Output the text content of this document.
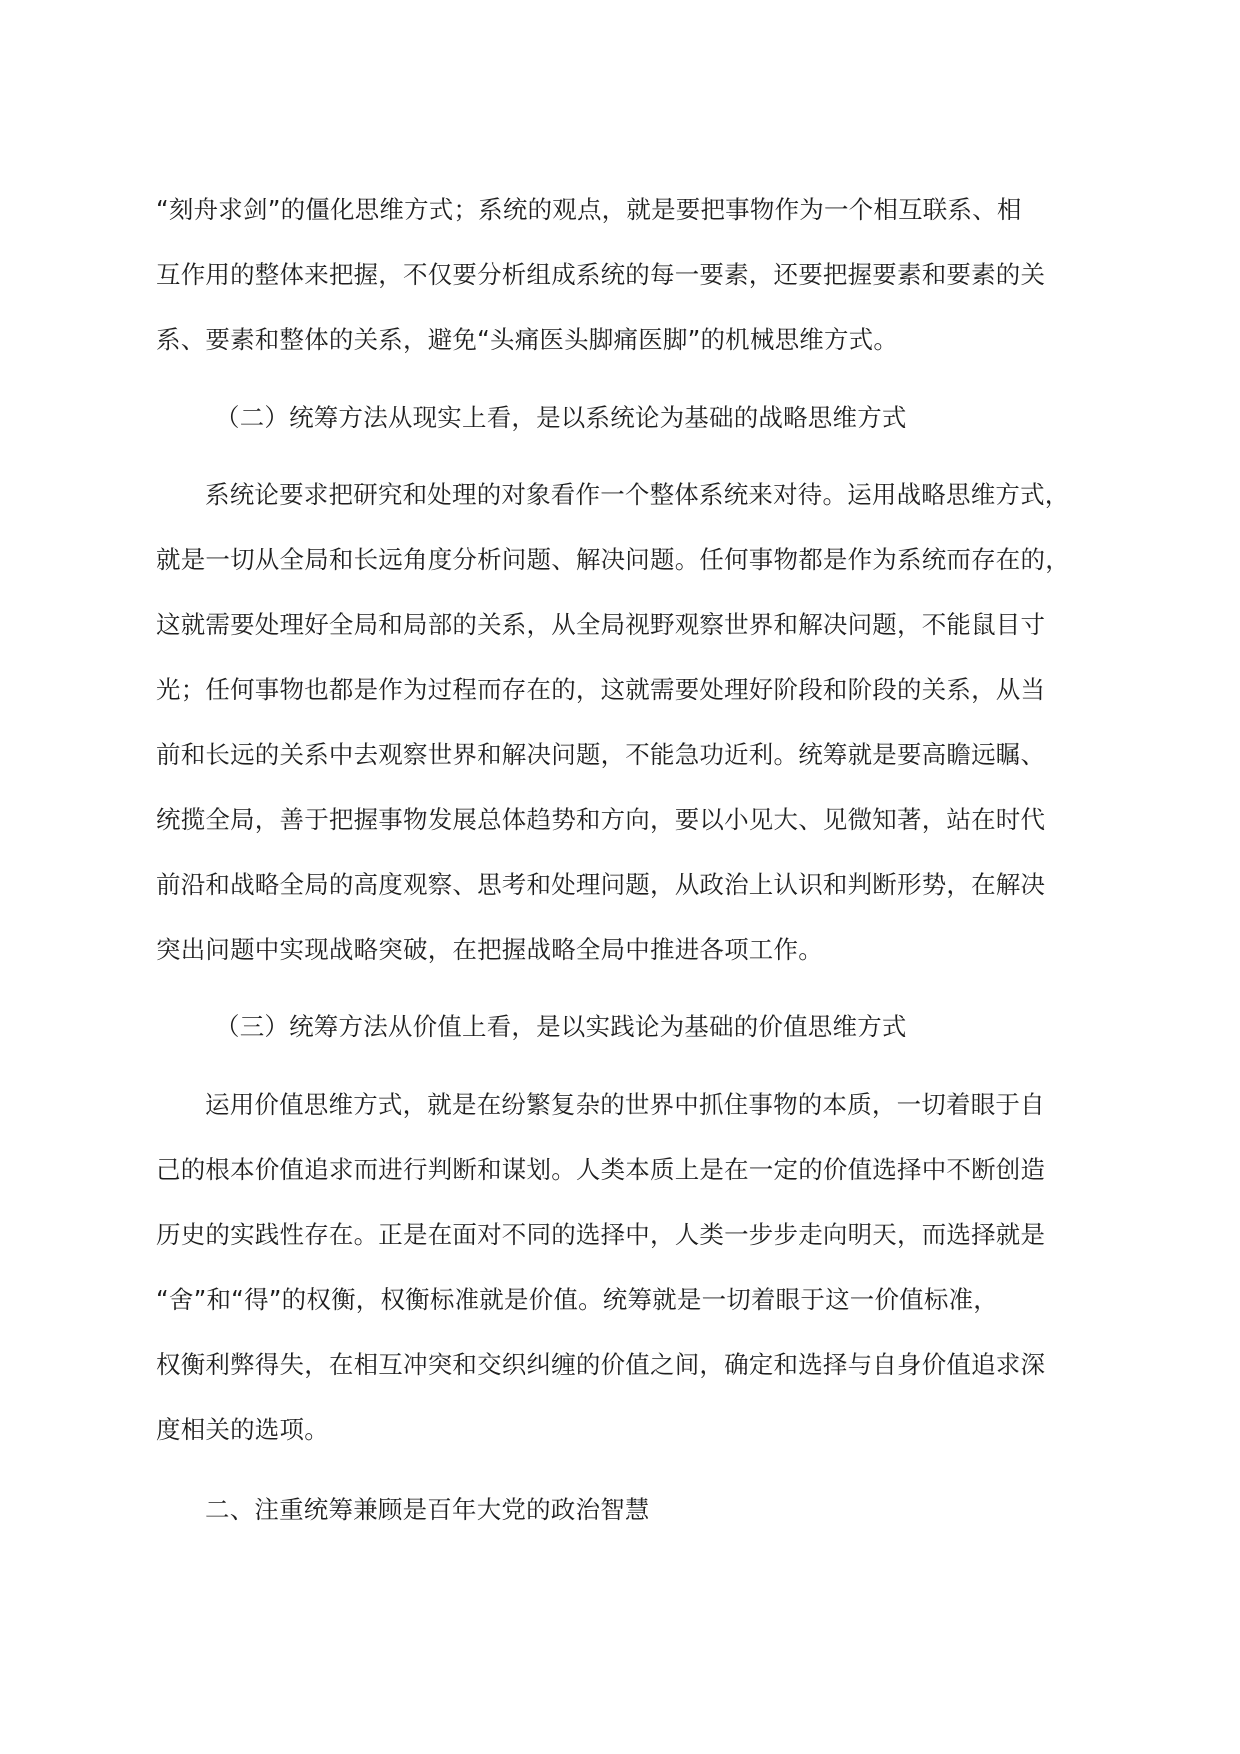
“刻舟求剑”的僵化思维方式；系统的观点，就是要把事物作为一个相互联系、相
互作用的整体来把握，不仅要分析组成系统的每一要素，还要把握要素和要素的关
系、要素和整体的关系，避免“头痛医头脚痛医脚”的机械思维方式。
（二）统筹方法从现实上看，是以系统论为基础的战略思维方式
系统论要求把研究和处理的对象看作一个整体系统来对待。运用战略思维方式，
就是一切从全局和长远角度分析问题、解决问题。任何事物都是作为系统而存在的，
这就需要处理好全局和局部的关系，从全局视野观察世界和解决问题，不能鼠目寸
光；任何事物也都是作为过程而存在的，这就需要处理好阶段和阶段的关系，从当
前和长远的关系中去观察世界和解决问题，不能急功近利。统筹就是要高瞻远瞩、
统揽全局，善于把握事物发展总体趋势和方向，要以小见大、见微知著，站在时代
前沿和战略全局的高度观察、思考和处理问题，从政治上认识和判断形势，在解决
突出问题中实现战略突破，在把握战略全局中推进各项工作。
（三）统筹方法从价值上看，是以实践论为基础的价值思维方式
运用价值思维方式，就是在纷繁复杂的世界中抓住事物的本质，一切着眼于自
己的根本价值追求而进行判断和谋划。人类本质上是在一定的价值选择中不断创造
历史的实践性存在。正是在面对不同的选择中，人类一步步走向明天，而选择就是
“舍”和“得”的权衡，权衡标准就是价值。统筹就是一切着眼于这一价值标准，
权衡利弊得失，在相互冲突和交织纠缠的价值之间，确定和选择与自身价值追求深
度相关的选项。
二、注重统筹兼顾是百年大党的政治智慧
